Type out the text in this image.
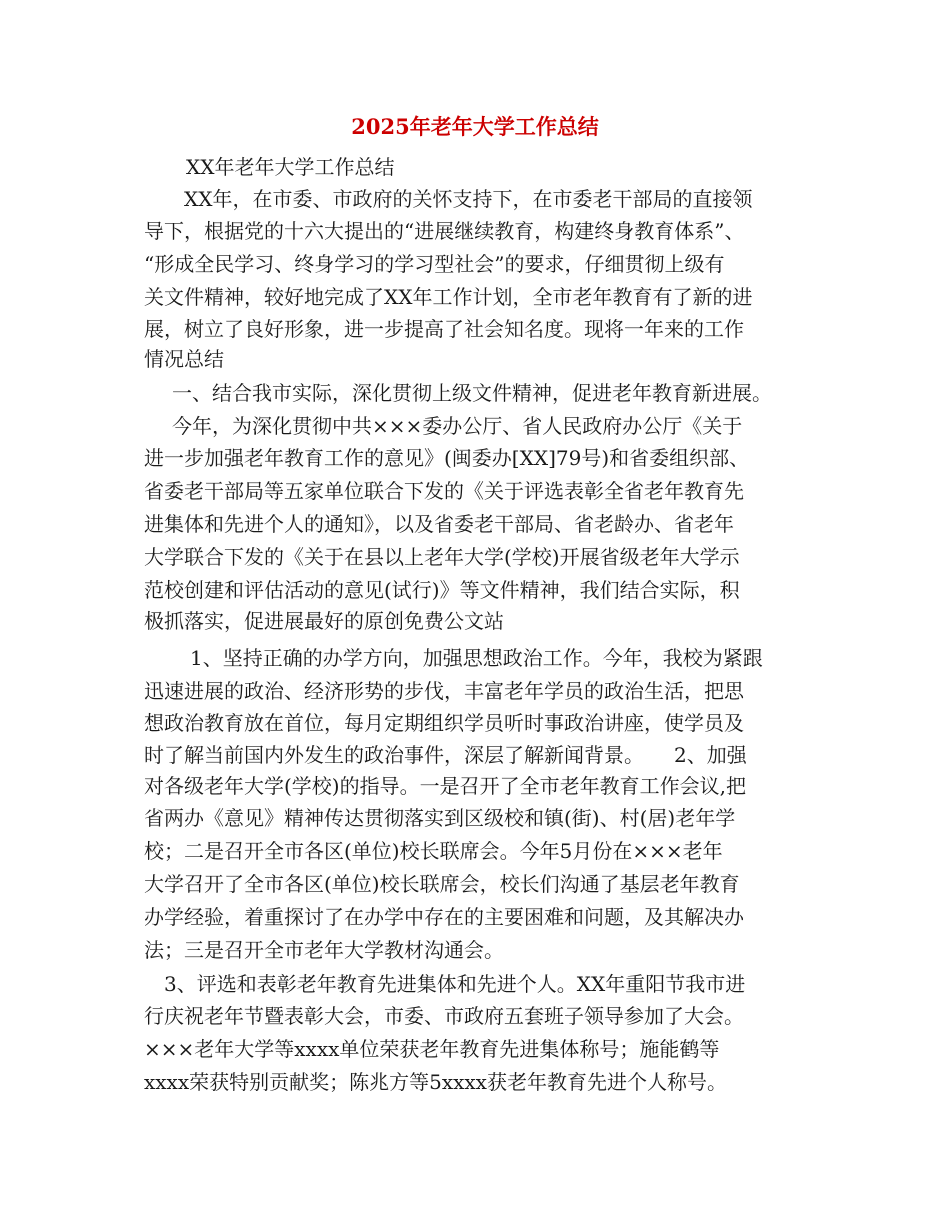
2025年老年大学工作总结
XX年老年大学工作总结
XX年，在市委、市政府的关怀支持下，在市委老干部局的直接领
导下，根据党的十六大提出的“进展继续教育，构建终身教育体系”、
“形成全民学习、终身学习的学习型社会”的要求，仔细贯彻上级有
关文件精神，较好地完成了XX年工作计划，全市老年教育有了新的进
展，树立了良好形象，进一步提高了社会知名度。现将一年来的工作
情况总结
一、结合我市实际，深化贯彻上级文件精神，促进老年教育新进展。
今年，为深化贯彻中共×××委办公厅、省人民政府办公厅《关于
进一步加强老年教育工作的意见》(闽委办[XX]79号)和省委组织部、
省委老干部局等五家单位联合下发的《关于评选表彰全省老年教育先
进集体和先进个人的通知》，以及省委老干部局、省老龄办、省老年
大学联合下发的《关于在县以上老年大学(学校)开展省级老年大学示
范校创建和评估活动的意见(试行)》等文件精神，我们结合实际，积
极抓落实，促进展最好的原创免费公文站
1、坚持正确的办学方向，加强思想政治工作。今年，我校为紧跟
迅速进展的政治、经济形势的步伐，丰富老年学员的政治生活，把思
想政治教育放在首位，每月定期组织学员听时事政治讲座，使学员及
时了解当前国内外发生的政治事件，深层了解新闻背景。　　2、加强
对各级老年大学(学校)的指导。一是召开了全市老年教育工作会议,把
省两办《意见》精神传达贯彻落实到区级校和镇(街)、村(居)老年学
校；二是召开全市各区(单位)校长联席会。今年5月份在×××老年
大学召开了全市各区(单位)校长联席会，校长们沟通了基层老年教育
办学经验，着重探讨了在办学中存在的主要困难和问题，及其解决办
法；三是召开全市老年大学教材沟通会。
3、评选和表彰老年教育先进集体和先进个人。XX年重阳节我市进
行庆祝老年节暨表彰大会，市委、市政府五套班子领导参加了大会。
×××老年大学等xxxx单位荣获老年教育先进集体称号；施能鹤等
xxxx荣获特别贡献奖；陈兆方等5xxxx获老年教育先进个人称号。
